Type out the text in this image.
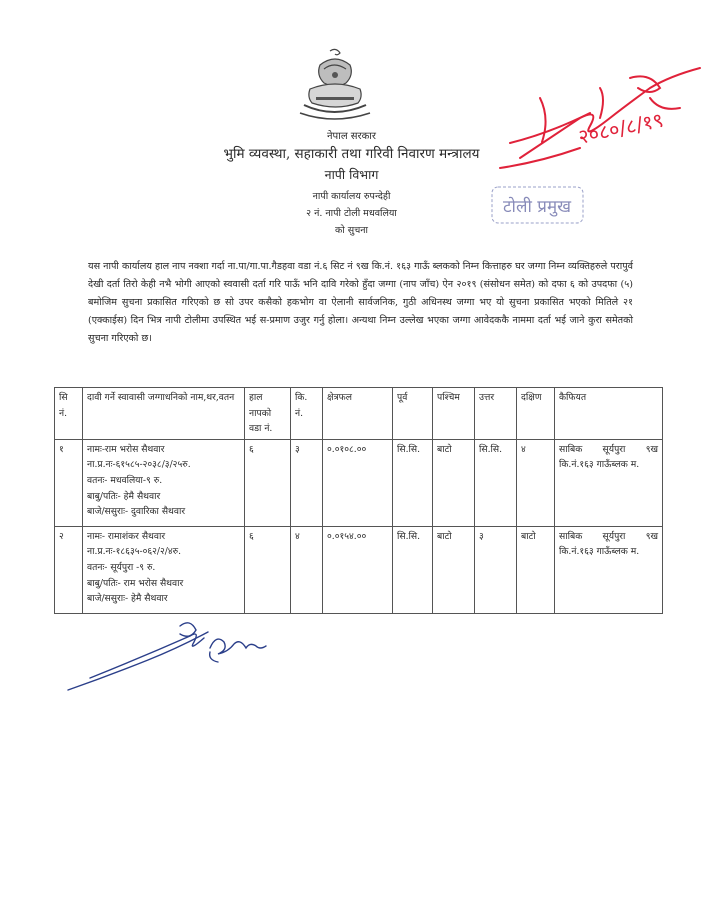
नेपाल सरकार
भुमि व्यवस्था, सहाकारी तथा गरिवी निवारण मन्त्रालय
नापी विभाग
नापी कार्यालय रुपन्देही
२ नं. नापी टोली मधवलिया
को सुचना
२०८०/८/१९
टोली प्रमुख
यस नापी कार्यालय हाल नाप नक्शा गर्दा ना.पा/गा.पा.गैडहवा वडा नं.६ सिट नं ९ख कि.नं. १६३ गाऊँ ब्लकको निम्न कित्ताहरु घर जग्गा निम्न व्यक्तिहरुले परापुर्व देखी दर्ता तिरो केही नभै भोगी आएको स्ववासी दर्ता गरि पाऊँ भनि दावि गरेको हुँदा जग्गा (नाप जाँच) ऐन २०१९ (संसोधन समेत) को दफा ६ को उपदफा (५) बमोजिम सुचना प्रकासित गरिएको छ सो उपर कसैको हकभोग वा ऐलानी सार्वजनिक, गुठी अधिनस्थ जग्गा भए यो सुचना प्रकासित भएको मितिले २१ (एक्काईस) दिन भित्र नापी टोलीमा उपस्थित भई स-प्रमाण उजुर गर्नु होला। अन्यथा निम्न उल्लेख भएका जग्गा आवेदककै नाममा दर्ता भई जाने कुरा समेतको सुचना गरिएको छ।
सि नं.	दावी गर्ने स्वावासी जग्गाधनिको नाम,थर,वतन	हाल नापको वडा नं.	कि. नं.	क्षेत्रफल	पूर्व	पश्चिम	उत्तर	दक्षिण	कैफियत
१	नामः-राम भरोस सैथवार
ना.प्र.नः-६१५८५-२०३८/३/२५रु.
वतनः- मधवलिया-९ रु.
बाबु/पतिः- हेमै सैथवार
बाजे/ससुराः- दुवारिका सैथवार	६	३	०.०१०८.००	सि.सि.	बाटो	सि.सि.	४	साबिक सूर्यपुरा ९ख कि.नं.१६३ गाऊँब्लक म.
२	नामः- रामाशंकर सैथवार
ना.प्र.नः-१८६३५-०६२/२/४रु.
वतनः- सूर्यपुरा -९ रु.
बाबु/पतिः- राम भरोस सैथवार
बाजे/ससुराः- हेमै सैथवार	६	४	०.०१५४.००	सि.सि.	बाटो	३	बाटो	साबिक सूर्यपुरा ९ख कि.नं.१६३ गाऊँब्लक म.
